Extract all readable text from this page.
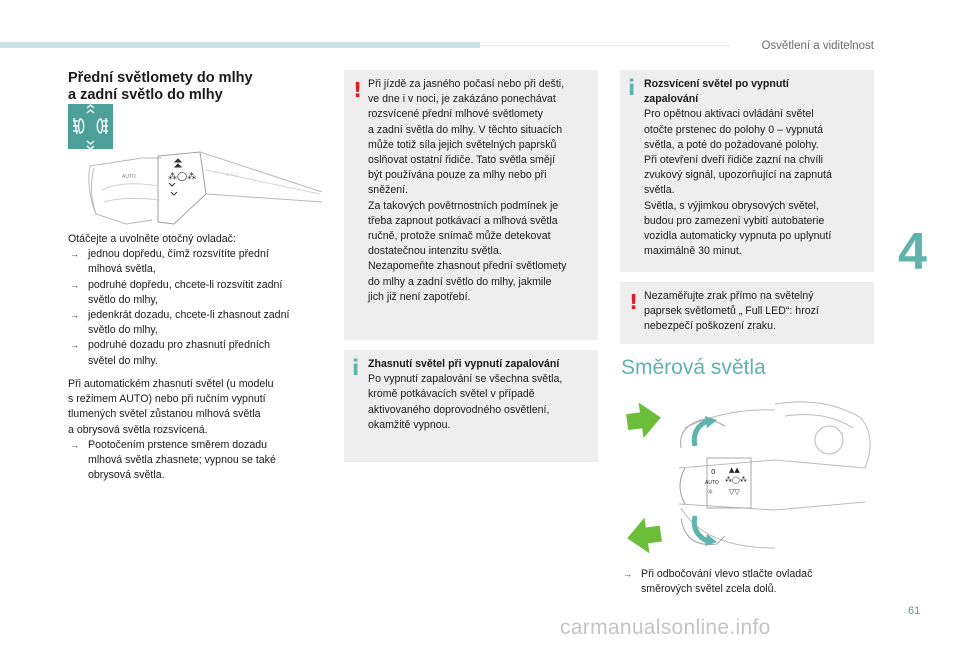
Osvětlení a viditelnost
4
Přední světlomety do mlhy
a zadní světlo do mlhy
⁂◯⁂
AUTO	☼○○
Otáčejte a uvolněte otočný ovladač:
→ jednou dopředu, čímž rozsvítíte přední
mlhová světla,
→ podruhé dopředu, chcete-li rozsvítit zadní
světlo do mlhy,
→ jedenkrát dozadu, chcete-li zhasnout zadní
světlo do mlhy,
→ podruhé dozadu pro zhasnutí předních
světel do mlhy.
Při automatickém zhasnutí světel (u modelu
s režimem AUTO) nebo při ručním vypnutí
tlumených světel zůstanou mlhová světla
a obrysová světla rozsvícená.
→ Pootočením prstence směrem dozadu
mlhová světla zhasnete; vypnou se také
obrysová světla.
! Při jízdě za jasného počasí nebo při dešti,
ve dne i v noci, je zakázáno ponechávat
rozsvícené přední mlhové světlomety
a zadní světla do mlhy. V těchto situacích
může totiž síla jejich světelných paprsků
oslňovat ostatní řidiče. Tato světla smějí
být používána pouze za mlhy nebo při
sněžení.
Za takových povětrnostních podmínek je
třeba zapnout potkávací a mlhová světla
ručně, protože snímač může detekovat
dostatečnou intenzitu světla.
Nezapomeňte zhasnout přední světlomety
do mlhy a zadní světlo do mlhy, jakmile
jich již není zapotřebí.
i Zhasnutí světel při vypnutí zapalování
Po vypnutí zapalování se všechna světla,
kromě potkávacích světel v případě
aktivovaného doprovodného osvětlení,
okamžitě vypnou.
i Rozsvícení světel po vypnutí
zapalování
Pro opětnou aktivaci ovládání světel
otočte prstenec do polohy 0 – vypnutá
světla, a poté do požadované polohy.
Při otevření dveří řidiče zazní na chvíli
zvukový signál, upozorňující na zapnutá
světla.
Světla, s výjimkou obrysových světel,
budou pro zamezení vybití autobaterie
vozidla automaticky vypnuta po uplynutí
maximálně 30 minut.
! Nezaměřujte zrak přímo na světelný
paprsek světlometů „ Full LED“: hrozí
nebezpečí poškození zraku.
Směrová světla
0
AUTO
☼
▲▲
⁂◯⁂
▽▽
→ Při odbočování vlevo stlačte ovladač
směrových světel zcela dolů.
61
carmanualsonline.info
